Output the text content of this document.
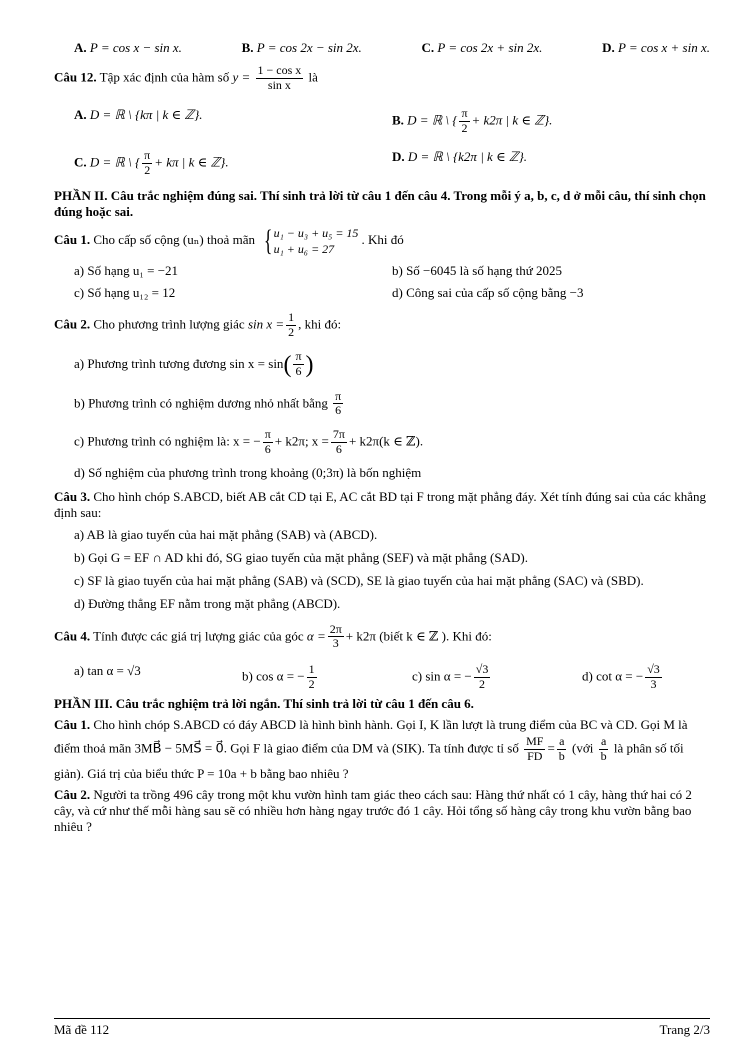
A. P = cos x − sin x.	B. P = cos 2x − sin 2x.	C. P = cos 2x + sin 2x.	D. P = cos x + sin x.
Câu 12. Tập xác định của hàm số $y = \frac{\text{1 − cos x}}{\text{sin x}}$ là
A. D = ℝ \ {kπ | k ∈ ℤ}.	B. D = ℝ \ { $\frac{\pi}{2} + k2\pi$ | k ∈ ℤ}.
C. D = ℝ \ { $\frac{\pi}{2} + k\pi$ | k ∈ ℤ}.	D. D = ℝ \ {k2π | k ∈ ℤ}.
PHẦN II. Câu trắc nghiệm đúng sai. Thí sinh trả lời từ câu 1 đến câu 4. Trong mỗi ý a, b, c, d ở mỗi câu, thí sinh chọn đúng hoặc sai.
Câu 1. Cho cấp số cộng (uₙ) thoả mãn { u₁ − u₃ + u₅ = 15
u₁ + u₆ = 27
. Khi đó
a) Số hạng u₁ = −21	b) Số −6045 là số hạng thứ 2025
c) Số hạng u₁₂ = 12	d) Công sai của cấp số cộng bằng −3
Câu 2. Cho phương trình lượng giác $\sin x = \frac{1}{2}$ , khi đó:
a) Phương trình tương đương $\sin x = \sin( \frac{\pi}{6}$ )
b) Phương trình có nghiệm dương nhỏ nhất bằng $\frac{\pi}{6}$
c) Phương trình có nghiệm là: x = − $\frac{\pi}{6} + k2\pi$; $x = \frac{7\pi}{6} + k2\pi(k$ ∈ ℤ).
d) Số nghiệm của phương trình trong khoảng (0;3π) là bốn nghiệm
Câu 3. Cho hình chóp S.ABCD, biết AB cắt CD tại E, AC cắt BD tại F trong mặt phẳng đáy. Xét tính đúng sai của các khẳng định sau:
a) AB là giao tuyến của hai mặt phẳng (SAB) và (ABCD).
b) Gọi G = EF ∩ AD khi đó, SG giao tuyến của mặt phẳng (SEF) và mặt phẳng (SAD).
c) SF là giao tuyến của hai mặt phẳng (SAB) và (SCD), SE là giao tuyến của hai mặt phẳng (SAC) và (SBD).
d) Đường thẳng EF nằm trong mặt phẳng (ABCD).
Câu 4. Tính được các giá trị lượng giác của góc $\alpha = \frac{2\pi}{3} + k2\pi$ (biết k ∈ ℤ ). Khi đó:
a) tan α = √3	b) cos α = − $\frac{1}{2}$	c) sin α = − $\frac{√3}{2}$	d) cot α = − $\frac{√3}{3}$
PHẦN III. Câu trắc nghiệm trả lời ngắn. Thí sinh trả lời từ câu 1 đến câu 6.
Câu 1. Cho hình chóp S.ABCD có đáy ABCD là hình bình hành. Gọi I, K lần lượt là trung điểm của BC và CD. Gọi M là điểm thoả mãn 3MB⃗ − 5MS⃗ = 0⃗. Gọi F là giao điểm của DM và (SIK). Ta tính được tỉ số $\frac{MF}{FD} = \frac{a}{b}$ (với $\frac{a}{b}$ là phân số tối giản). Giá trị của biểu thức P = 10a + b bằng bao nhiêu ?
Câu 2. Người ta trồng 496 cây trong một khu vườn hình tam giác theo cách sau: Hàng thứ nhất có 1 cây, hàng thứ hai có 2 cây, và cứ như thế mỗi hàng sau sẽ có nhiều hơn hàng ngay trước đó 1 cây. Hỏi tổng số hàng cây trong khu vườn bằng bao nhiêu ?
Mã đề 112	Trang 2/3
